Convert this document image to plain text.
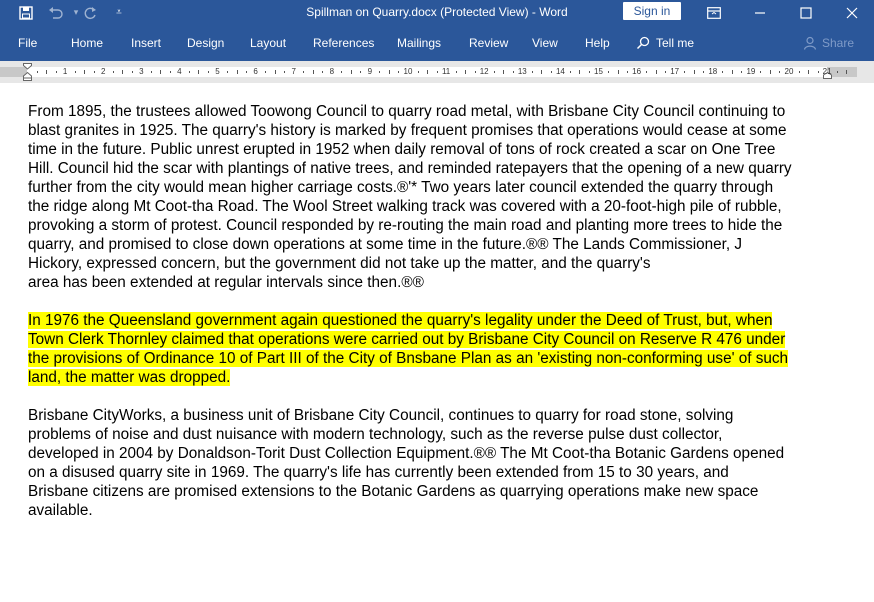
▾	⩡	Spillman on Quarry.docx (Protected View) - Word	Sign in
File	Home Insert Design Layout References Mailings Review View Help	Tell me	Share
1	2	3	4	5	6	7	8	9	10	11	12	13	14	15	16	17	18	19	20	21

From 1895, the trustees allowed Toowong Council to quarry road metal, with Brisbane City Council continuing to
blast granites in 1925. The quarry's history is marked by frequent promises that operations would cease at some
time in the future. Public unrest erupted in 1952 when daily removal of tons of rock created a scar on One Tree
Hill. Council hid the scar with plantings of native trees, and reminded ratepayers that the opening of a new quarry
further from the city would mean higher carriage costs.®'* Two years later council extended the quarry through
the ridge along Mt Coot-tha Road. The Wool Street walking track was covered with a 20-foot-high pile of rubble,
provoking a storm of protest. Council responded by re-routing the main road and planting more trees to hide the
quarry, and promised to close down operations at some time in the future.®® The Lands Commissioner, J
Hickory, expressed concern, but the government did not take up the matter, and the quarry's
area has been extended at regular intervals since then.®®

In 1976 the Queensland government again questioned the quarry's legality under the Deed of Trust, but, when
Town Clerk Thornley claimed that operations were carried out by Brisbane City Council on Reserve R 476 under
the provisions of Ordinance 10 of Part III of the City of Bnsbane Plan as an 'existing non-conforming use' of such
land, the matter was dropped.

Brisbane CityWorks, a business unit of Brisbane City Council, continues to quarry for road stone, solving
problems of noise and dust nuisance with modern technology, such as the reverse pulse dust collector,
developed in 2004 by Donaldson-Torit Dust Collection Equipment.®® The Mt Coot-tha Botanic Gardens opened
on a disused quarry site in 1969. The quarry's life has currently been extended from 15 to 30 years, and
Brisbane citizens are promised extensions to the Botanic Gardens as quarrying operations make new space
available.
